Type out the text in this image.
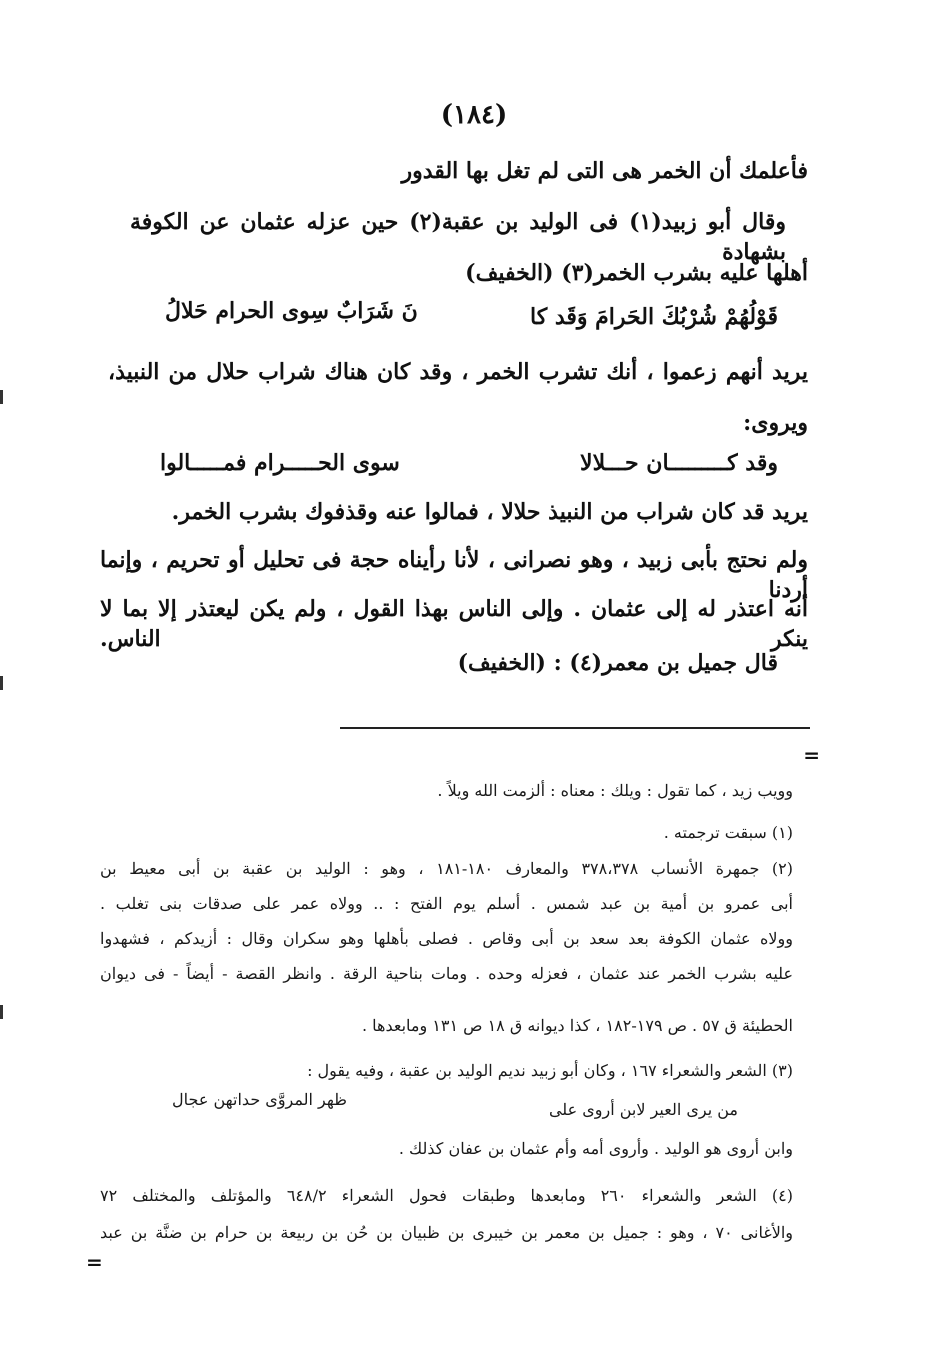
(١٨٤)
فأعلمك أن الخمر هى التى لم تغل بها القدور
وقال أبو زبيد(١) فى الوليد بن عقبة(٢) حين عزله عثمان عن الكوفة بشهادة
أهلها عليه بشرب الخمر(٣) (الخفيف)
قَوْلُهُمْ شُرْبُكَ الحَرامَ وَقَد كا
نَ شَرَابٌ سِوى الحرام حَلالُ
يريد أنهم زعموا ، أنك تشرب الخمر ، وقد كان هناك شراب حلال من النبيذ،
ويروى:
وقد كـــــــــان حـــلالا
سوى الحـــــرام فمـــــالوا
يريد قد كان شراب من النبيذ حلالا ، فمالوا عنه وقذفوك بشرب الخمر.
ولم نحتج بأبى زبيد ، وهو نصرانى ، لأنا رأيناه حجة فى تحليل أو تحريم ، وإنما أردنا
أنه اعتذر له إلى عثمان . وإلى الناس بهذا القول ، ولم يكن ليعتذر إلا بما لا ينكر الناس.
قال جميل بن معمر(٤) : (الخفيف)
=
وويب زيد ، كما تقول : ويلك : معناه : ألزمت الله ويلاً .
(١) سبقت ترجمته .
(٢) جمهرة الأنساب ٣٧٨،٣٧٨ والمعارف ١٨٠-١٨١ ، وهو : الوليد بن عقبة بن أبى معيط بن
أبى عمرو بن أمية بن عبد شمس . أسلم يوم الفتح : .. وولاه عمر على صدقات بنى تغلب .
وولاه عثمان الكوفة بعد سعد بن أبى وقاص . فصلى بأهلها وهو سكران وقال : أزيدكم ، فشهدوا
عليه بشرب الخمر عند عثمان ، فعزله وحده . ومات بناحية الرقة . وانظر القصة - أيضاً - فى ديوان
الحطيئة ق ٥٧ . ص ١٧٩-١٨٢ ، كذا ديوانه ق ١٨ ص ١٣١ ومابعدها .
(٣) الشعر والشعراء ١٦٧ ، وكان أبو زبيد نديم الوليد بن عقبة ، وفيه يقول :
من يرى العير لابن أروى على
ظهر المروَّى حداتهن عجال
وابن أروى هو الوليد . وأروى أمه وأم عثمان بن عفان كذلك .
(٤) الشعر والشعراء ٢٦٠ ومابعدها وطبقات فحول الشعراء ٦٤٨/٢ والمؤتلف والمختلف ٧٢
والأغانى ٧٠ ، وهو : جميل بن معمر بن خيبرى بن ظبيان بن حُن بن ربيعة بن حرام بن ضنَّة بن عبد
=
